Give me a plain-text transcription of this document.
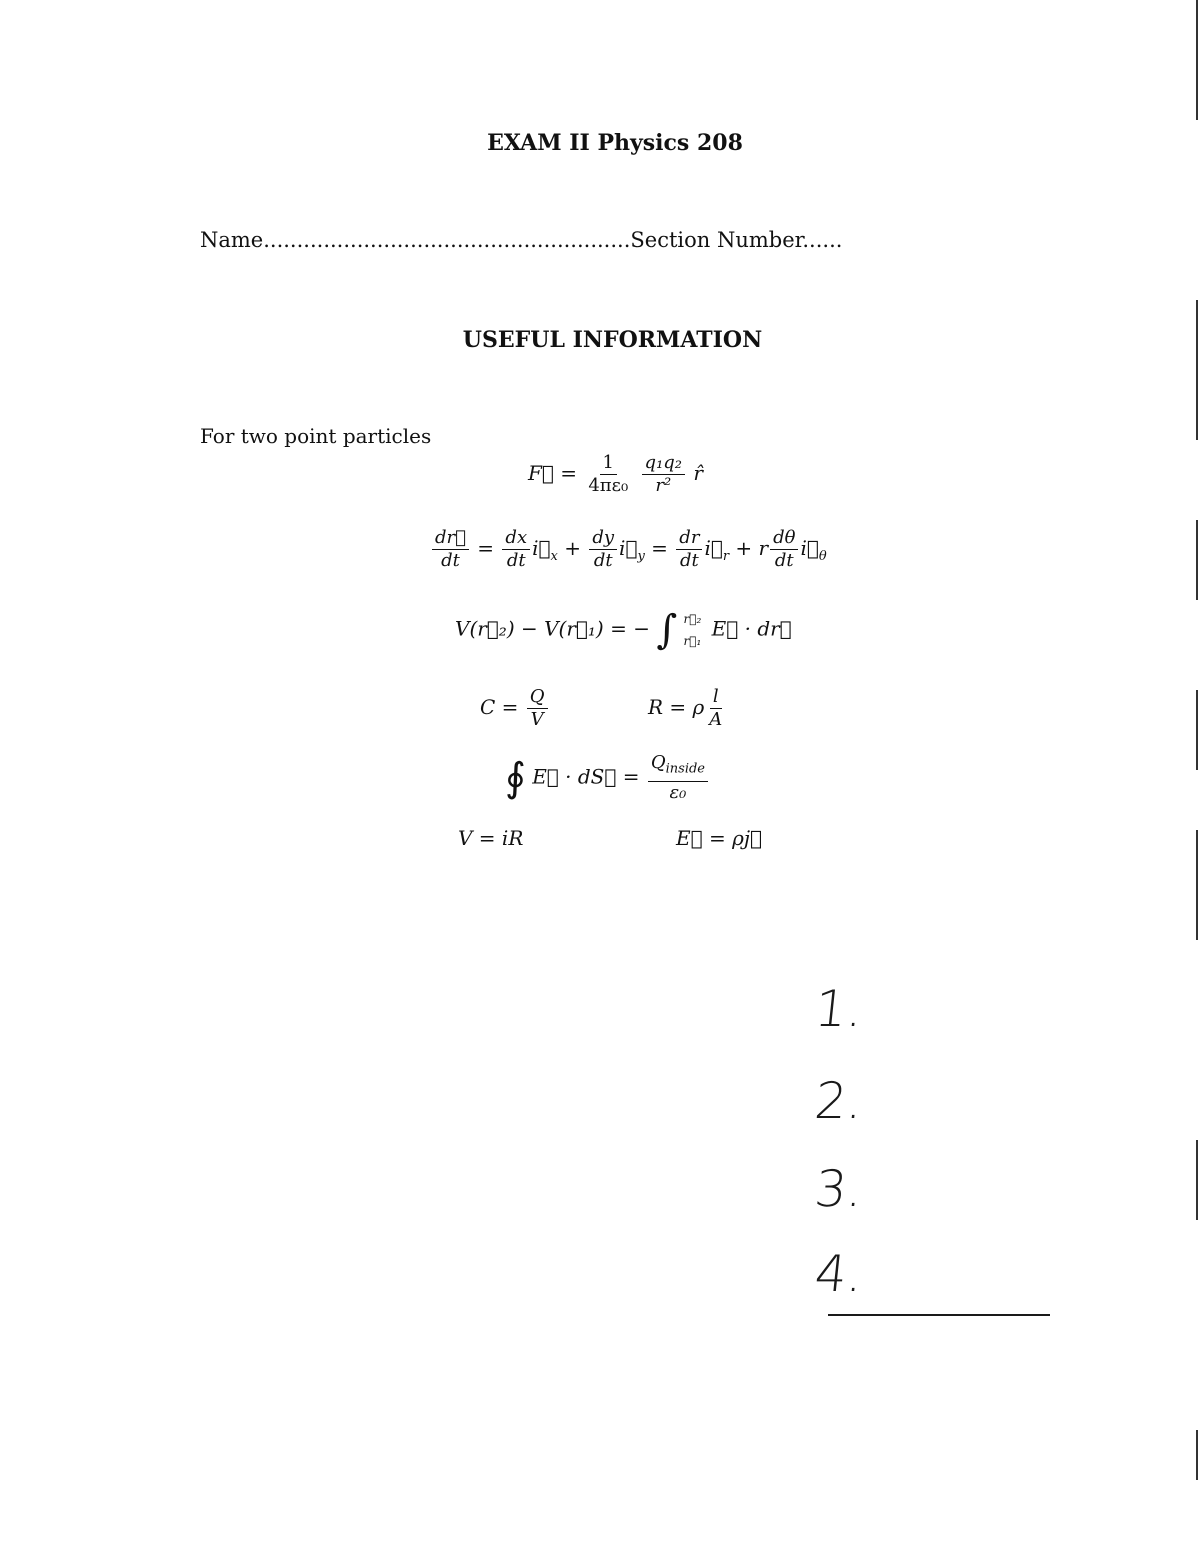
EXAM II Physics 208
Name.......................................................Section Number......
USEFUL INFORMATION
For two point particles
F⃗ = $\frac{1}{\text{4πε₀}}$
$\frac{\text{q₁q₂}}{\text{r²}}$ r̂
$\frac{dr⃗}{dt} = \frac{dx}{dt}$ $i⃗_x + \frac{dy}{dt}$ $i⃗_y = \frac{dr}{dt}$ $i⃗_r + r \frac{d\theta}{dt}$ $i⃗_\theta$
V(r⃗₂) − V(r⃗₁) = − ∫ r⃗₂
r⃗₁
E⃗ · dr⃗
$C = \frac{Q}{V}$	R = ρ $\frac{l}{A}$
∮ E⃗ · dS⃗ = $\frac{Q_{inside}}{\text{ε₀}}$
V = iR	E⃗ = ρj⃗
1.
2.
3.
4.
